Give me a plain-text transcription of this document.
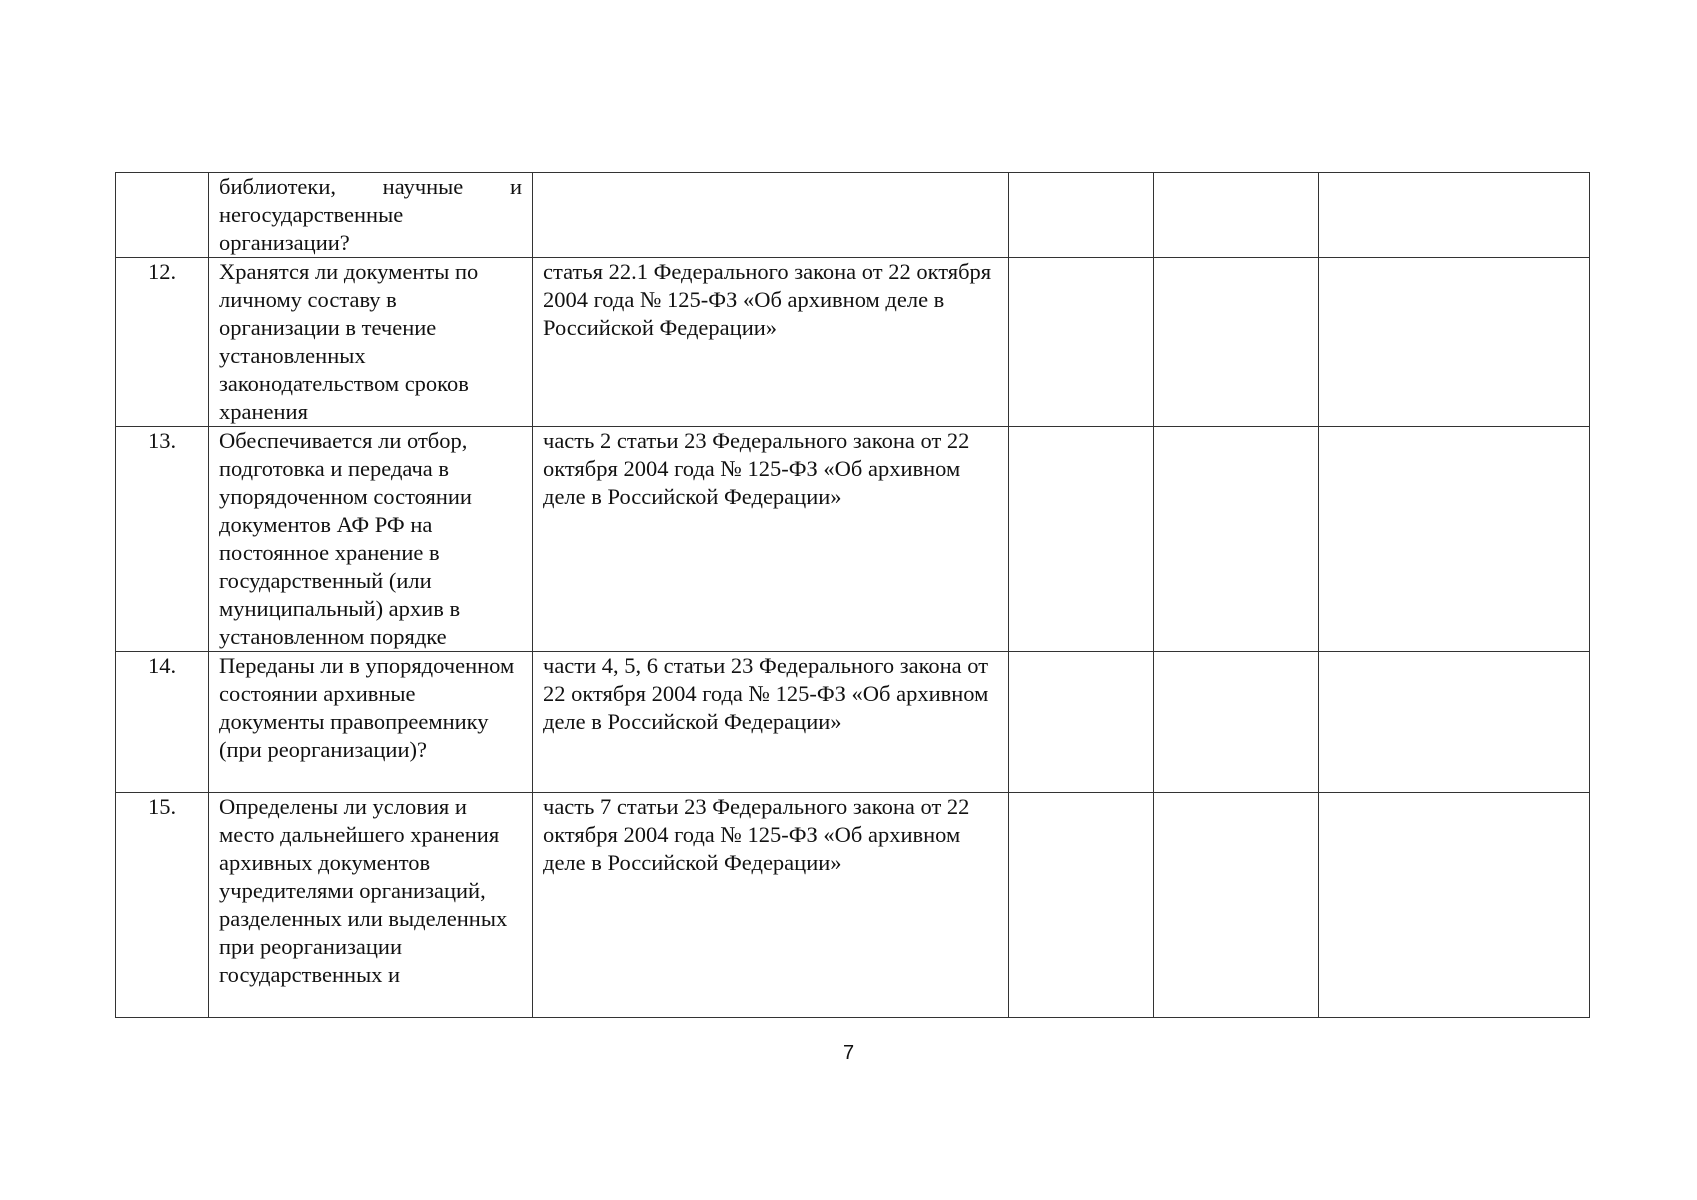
	библиотеки, научные и негосударственные организации?				
12.	Хранятся ли документы по личному составу в организации в течение установленных законодательством сроков хранения	статья 22.1 Федерального закона от 22 октября 2004 года № 125-ФЗ «Об архивном деле в Российской Федерации»			
13.	Обеспечивается ли отбор, подготовка и передача в упорядоченном состоянии документов АФ РФ на постоянное хранение в государственный (или муниципальный) архив в установленном порядке	часть 2 статьи 23 Федерального закона от 22 октября 2004 года № 125-ФЗ «Об архивном деле в Российской Федерации»			
14.	Переданы ли в упорядоченном состоянии архивные документы правопреемнику (при реорганизации)?	части 4, 5, 6 статьи 23 Федерального закона от 22 октября 2004 года № 125-ФЗ «Об архивном деле в Российской Федерации»			
15.	Определены ли условия и место дальнейшего хранения архивных документов учредителями организаций, разделенных или выделенных при реорганизации государственных и	часть 7 статьи 23 Федерального закона от 22 октября 2004 года № 125-ФЗ «Об архивном деле в Российской Федерации»			
7
